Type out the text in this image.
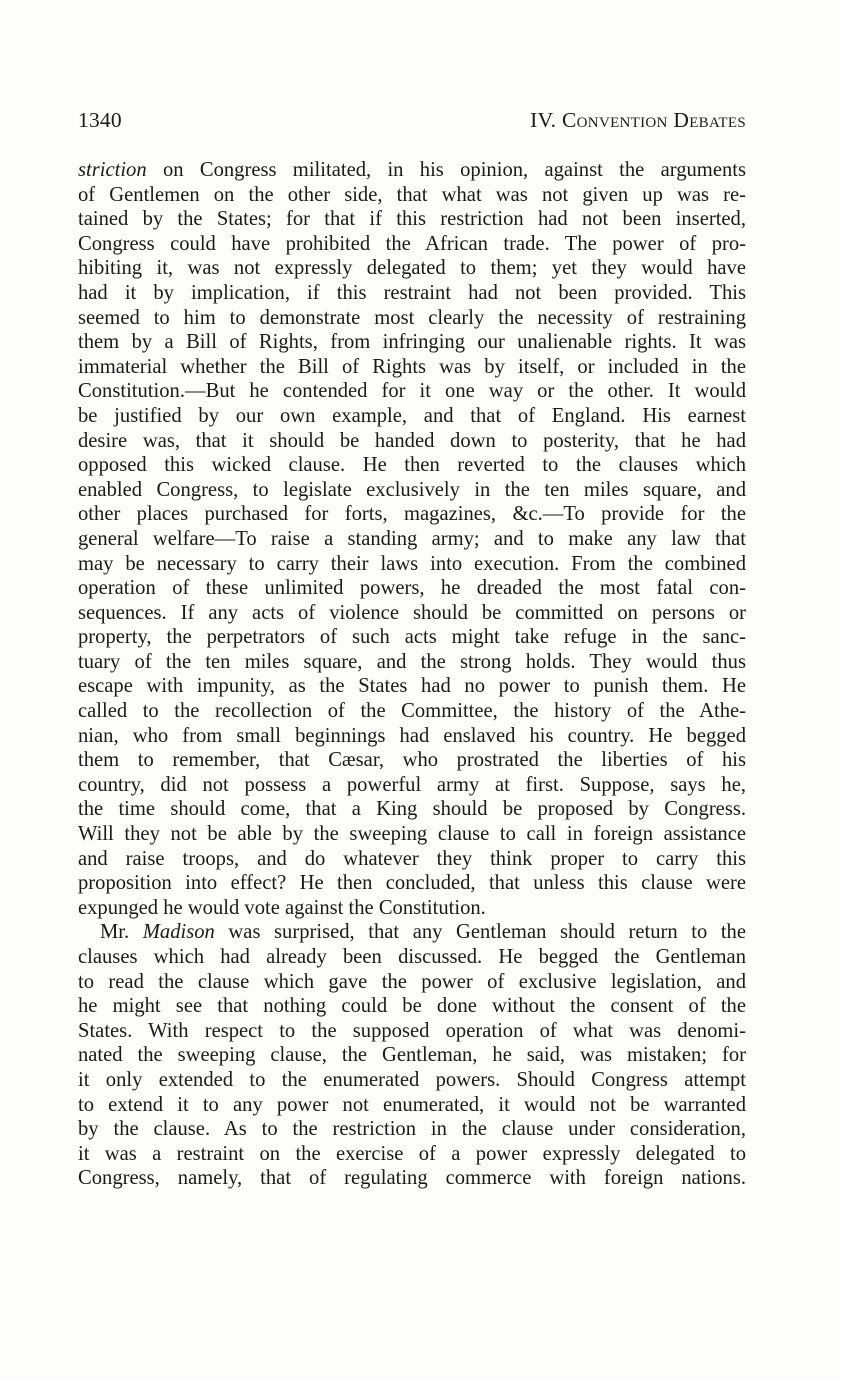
1340	IV. Convention Debates
striction on Congress militated, in his opinion, against the arguments
of Gentlemen on the other side, that what was not given up was re-
tained by the States; for that if this restriction had not been inserted,
Congress could have prohibited the African trade. The power of pro-
hibiting it, was not expressly delegated to them; yet they would have
had it by implication, if this restraint had not been provided. This
seemed to him to demonstrate most clearly the necessity of restraining
them by a Bill of Rights, from infringing our unalienable rights. It was
immaterial whether the Bill of Rights was by itself, or included in the
Constitution.—But he contended for it one way or the other. It would
be justified by our own example, and that of England. His earnest
desire was, that it should be handed down to posterity, that he had
opposed this wicked clause. He then reverted to the clauses which
enabled Congress, to legislate exclusively in the ten miles square, and
other places purchased for forts, magazines, &c.—To provide for the
general welfare—To raise a standing army; and to make any law that
may be necessary to carry their laws into execution. From the combined
operation of these unlimited powers, he dreaded the most fatal con-
sequences. If any acts of violence should be committed on persons or
property, the perpetrators of such acts might take refuge in the sanc-
tuary of the ten miles square, and the strong holds. They would thus
escape with impunity, as the States had no power to punish them. He
called to the recollection of the Committee, the history of the Athe-
nian, who from small beginnings had enslaved his country. He begged
them to remember, that Cæsar, who prostrated the liberties of his
country, did not possess a powerful army at first. Suppose, says he,
the time should come, that a King should be proposed by Congress.
Will they not be able by the sweeping clause to call in foreign assistance
and raise troops, and do whatever they think proper to carry this
proposition into effect? He then concluded, that unless this clause were
expunged he would vote against the Constitution.
Mr. Madison was surprised, that any Gentleman should return to the
clauses which had already been discussed. He begged the Gentleman
to read the clause which gave the power of exclusive legislation, and
he might see that nothing could be done without the consent of the
States. With respect to the supposed operation of what was denomi-
nated the sweeping clause, the Gentleman, he said, was mistaken; for
it only extended to the enumerated powers. Should Congress attempt
to extend it to any power not enumerated, it would not be warranted
by the clause. As to the restriction in the clause under consideration,
it was a restraint on the exercise of a power expressly delegated to
Congress, namely, that of regulating commerce with foreign nations.
